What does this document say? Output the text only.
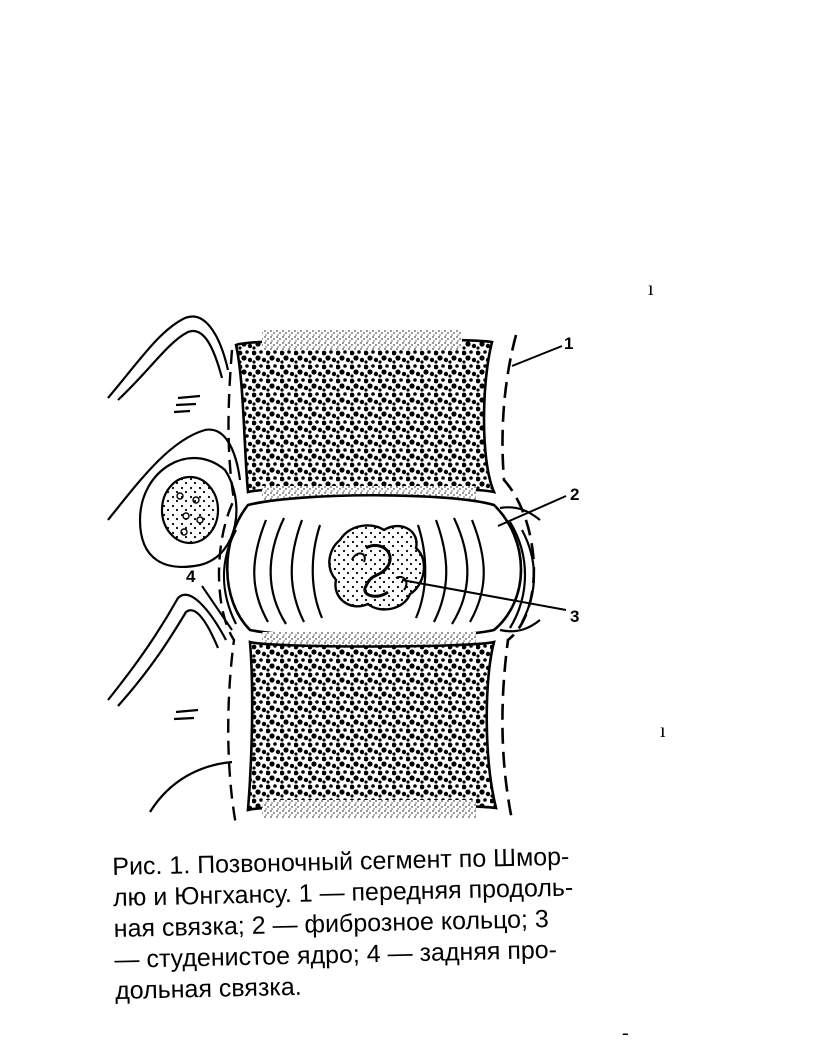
1
2
3
4
ı
ı
-
Рис. 1. Позвоночный сегмент по Шмор-
лю и Юнгхансу. 1 — передняя продоль-
ная связка; 2 — фиброзное кольцо; 3
— студенистое ядро; 4 — задняя про-
дольная связка.
